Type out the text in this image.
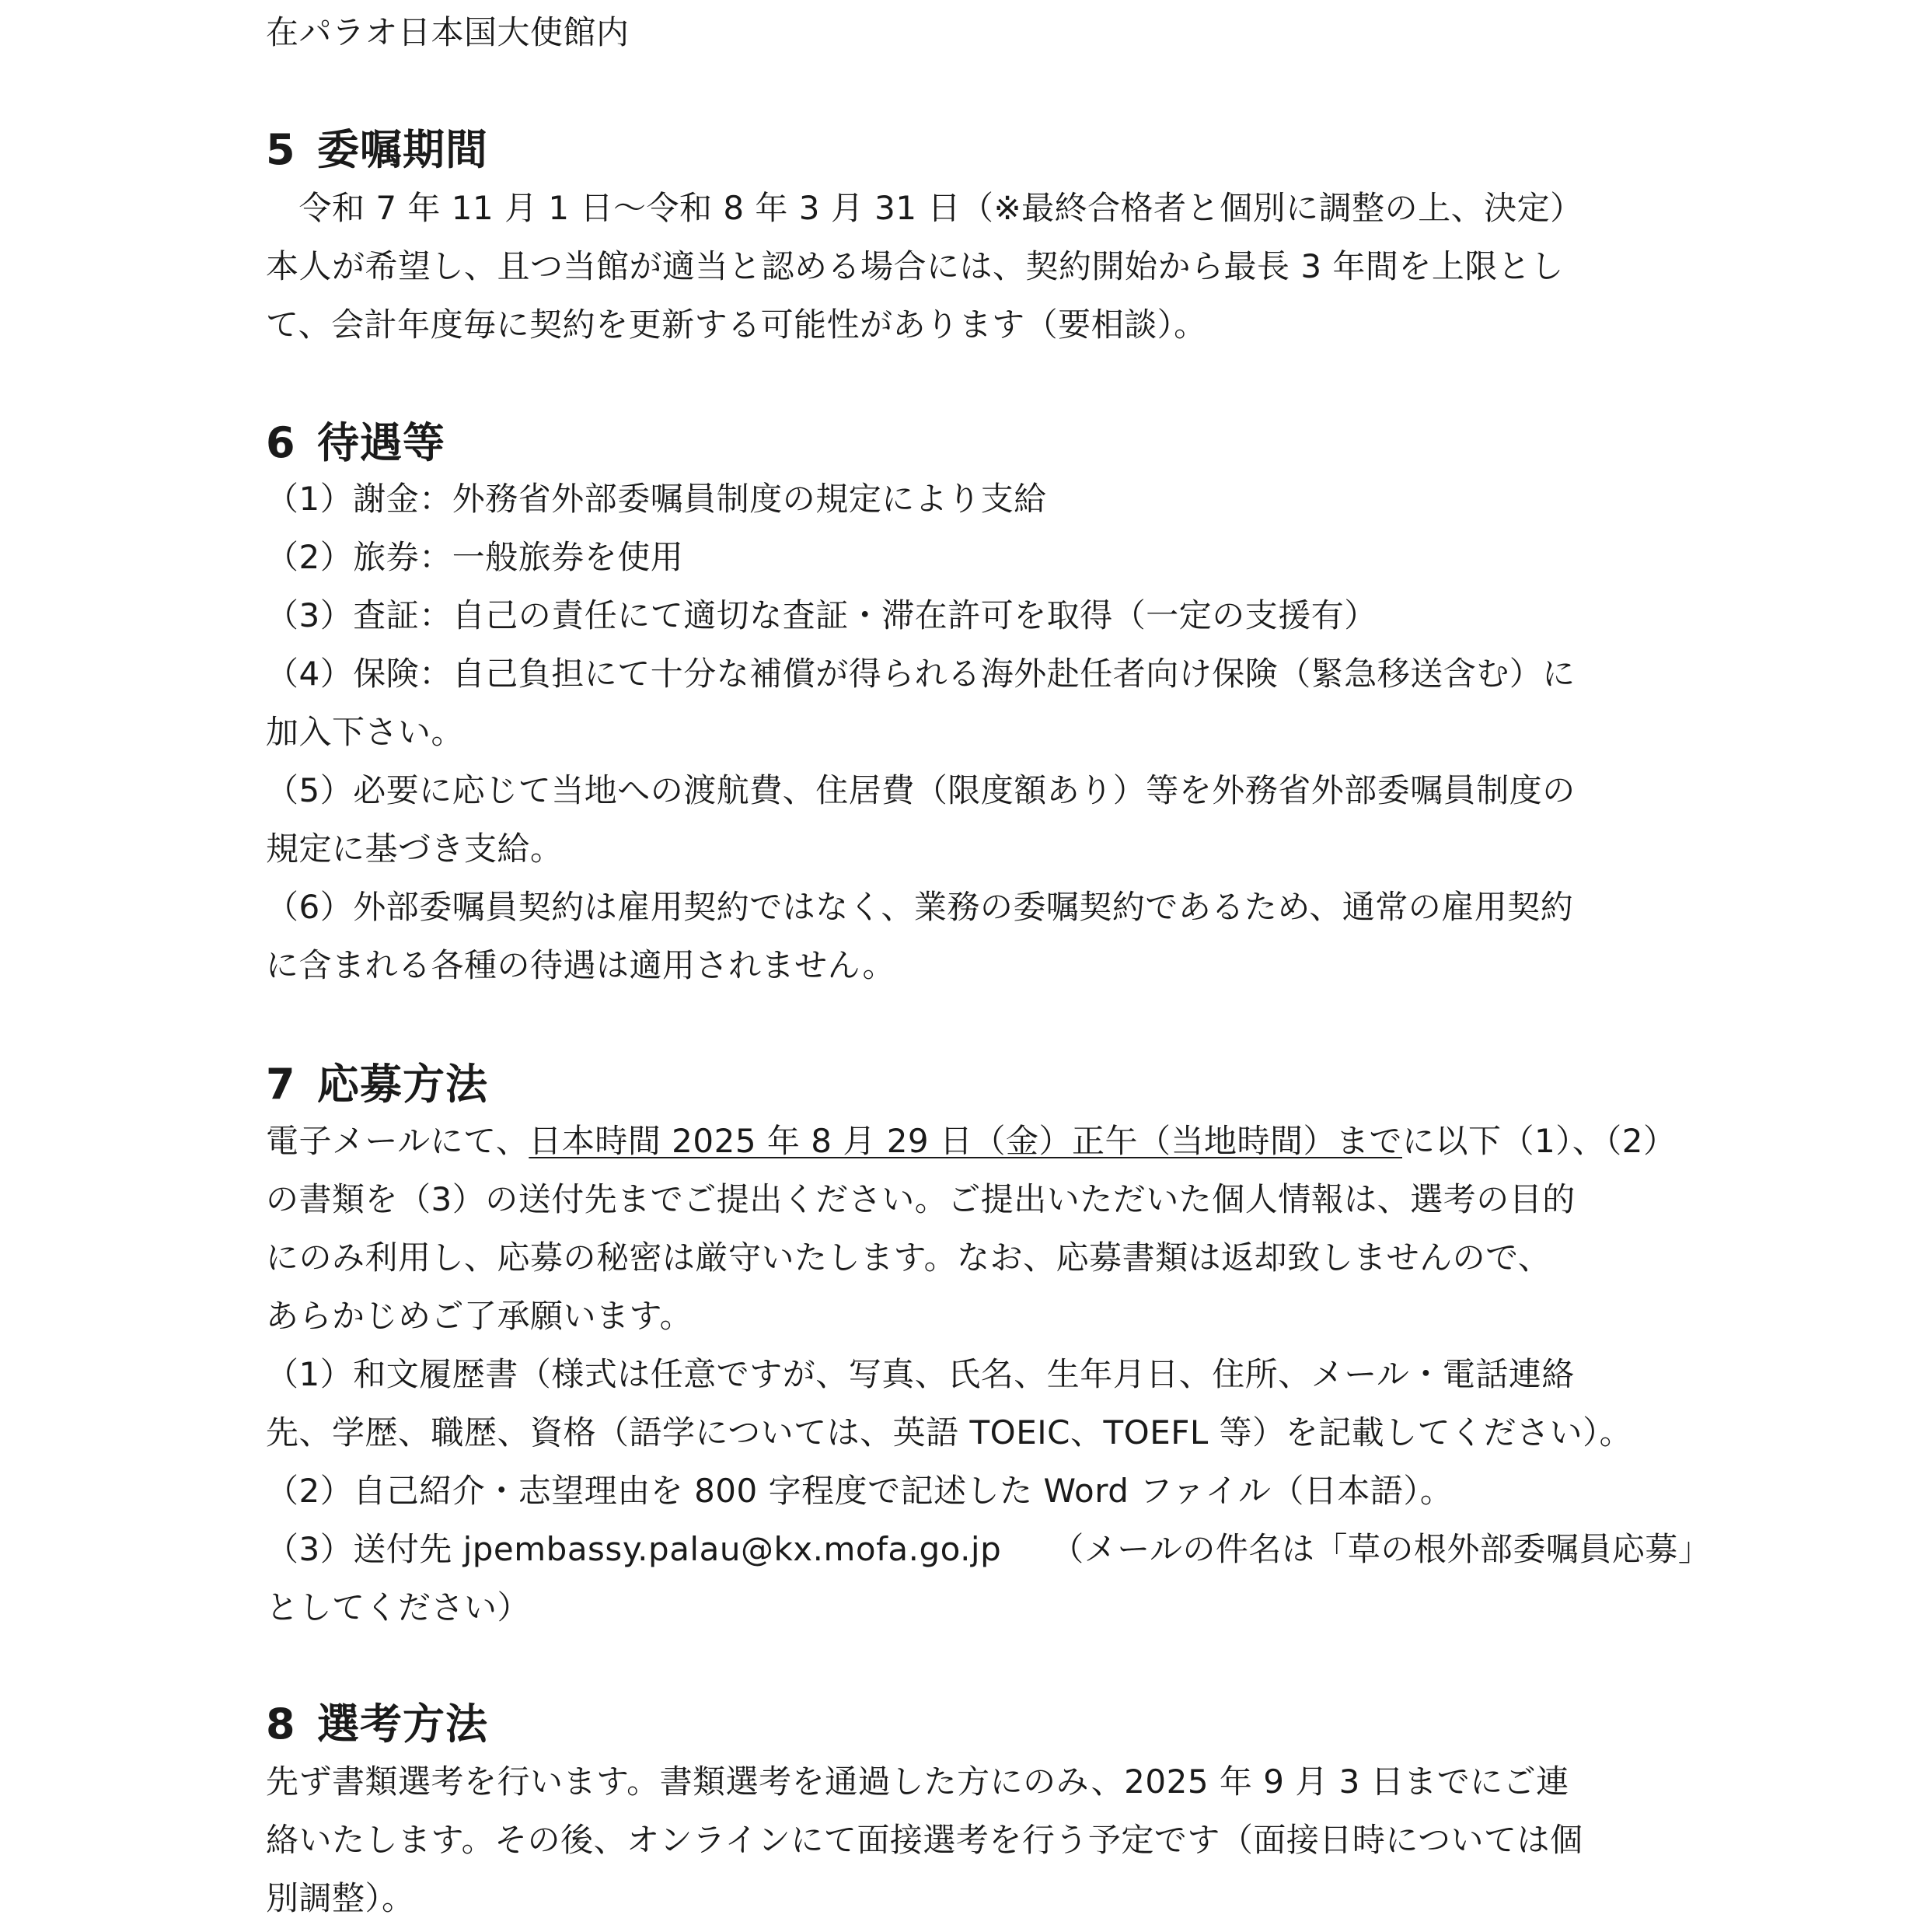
在パラオ日本国大使館内
5 委嘱期間
　令和 7 年 11 月 1 日～令和 8 年 3 月 31 日（※最終合格者と個別に調整の上、決定）
本人が希望し、且つ当館が適当と認める場合には、契約開始から最長 3 年間を上限とし
て、会計年度毎に契約を更新する可能性があります（要相談）。
6 待遇等
（1）謝金：外務省外部委嘱員制度の規定により支給
（2）旅券：一般旅券を使用
（3）査証：自己の責任にて適切な査証・滞在許可を取得（一定の支援有）
（4）保険：自己負担にて十分な補償が得られる海外赴任者向け保険（緊急移送含む）に
加入下さい。
（5）必要に応じて当地への渡航費、住居費（限度額あり）等を外務省外部委嘱員制度の
規定に基づき支給。
（6）外部委嘱員契約は雇用契約ではなく、業務の委嘱契約であるため、通常の雇用契約
に含まれる各種の待遇は適用されません。
7 応募方法
電子メールにて、日本時間 2025 年 8 月 29 日（金）正午（当地時間）までに以下（1）、（2）
の書類を（3）の送付先までご提出ください。ご提出いただいた個人情報は、選考の目的
にのみ利用し、応募の秘密は厳守いたします。なお、応募書類は返却致しませんので、
あらかじめご了承願います。
（1）和文履歴書（様式は任意ですが、写真、氏名、生年月日、住所、メール・電話連絡
先、学歴、職歴、資格（語学については、英語 TOEIC、TOEFL 等）を記載してください）。
（2）自己紹介・志望理由を 800 字程度で記述した Word ファイル（日本語）。
（3）送付先 jpembassy.palau@kx.mofa.go.jp　　（メールの件名は「草の根外部委嘱員応募」
としてください）
8 選考方法
先ず書類選考を行います。書類選考を通過した方にのみ、2025 年 9 月 3 日までにご連
絡いたします。その後、オンラインにて面接選考を行う予定です（面接日時については個
別調整）。
